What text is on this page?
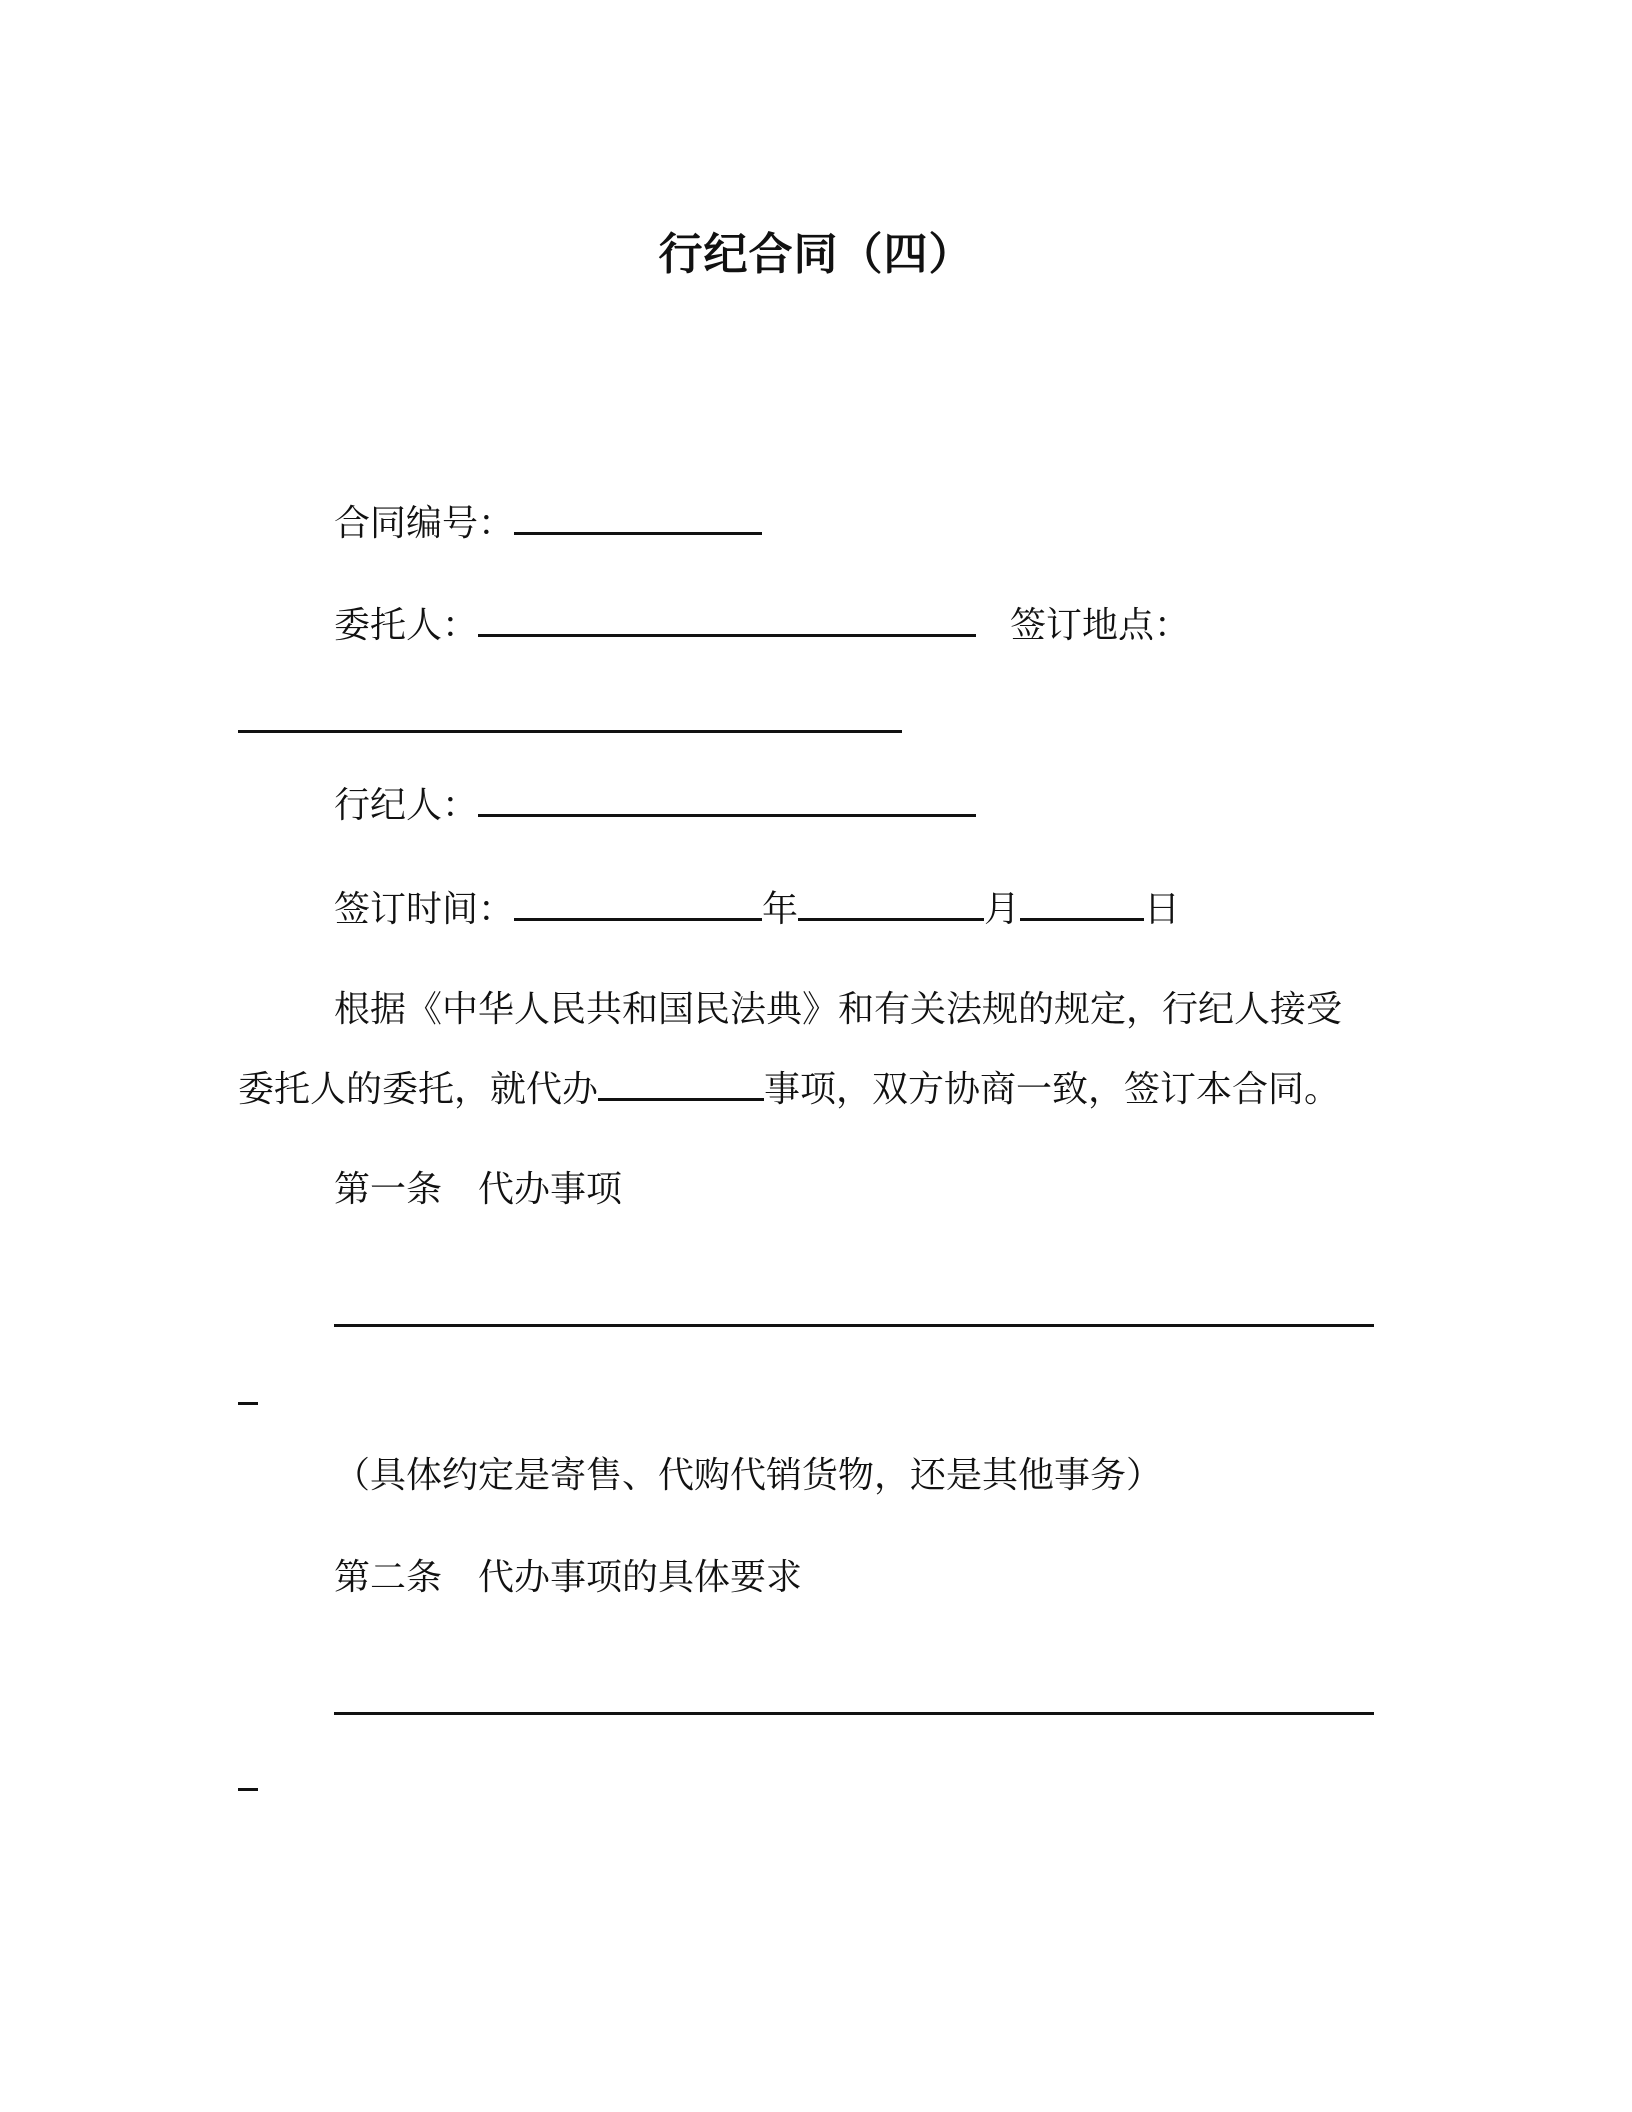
行纪合同（四）

合同编号：

委托人：	签订地点：

行纪人：

签订时间：	年	月	日

根据《中华人民共和国民法典》和有关法规的规定，行纪人接受

委托人的委托，就代办	事项，双方协商一致，签订本合同。

第一条　代办事项

（具体约定是寄售、代购代销货物，还是其他事务）

第二条　代办事项的具体要求
